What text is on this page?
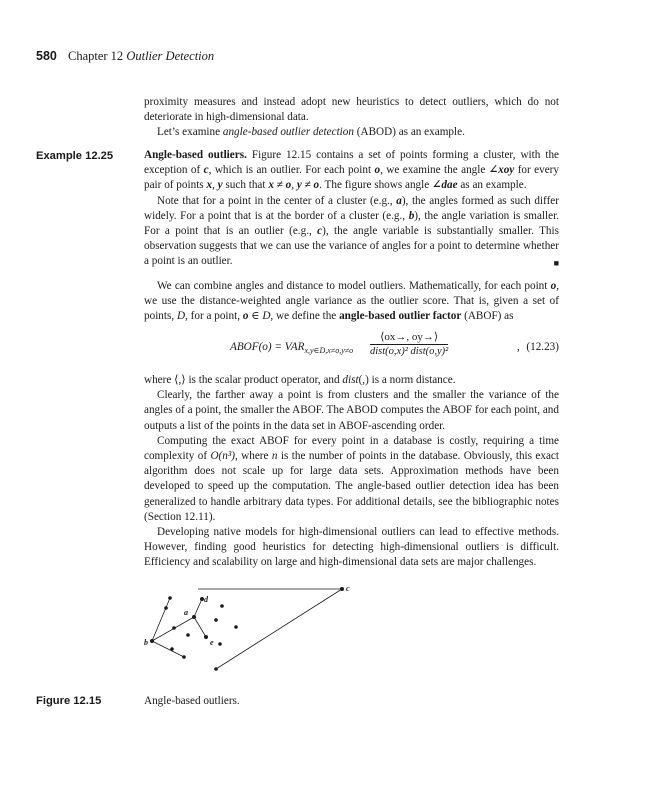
580 Chapter 12 Outlier Detection

proximity measures and instead adopt new heuristics to detect outliers, which do not deteriorate in high-dimensional data.

Let’s examine angle-based outlier detection (ABOD) as an example.

Example 12.25	Angle-based outliers. Figure 12.15 contains a set of points forming a cluster, with the exception of c, which is an outlier. For each point o, we examine the angle ∠xoy for every pair of points x, y such that x ≠ o, y ≠ o. The figure shows angle ∠dae as an example.

Note that for a point in the center of a cluster (e.g., a), the angles formed as such differ widely. For a point that is at the border of a cluster (e.g., b), the angle variation is smaller. For a point that is an outlier (e.g., c), the angle variable is substantially smaller. This observation suggests that we can use the variance of angles for a point to determine whether a point is an outlier.	■

We can combine angles and distance to model outliers. Mathematically, for each point o, we use the distance-weighted angle variance as the outlier score. That is, given a set of points, D, for a point, o ∈ D, we define the angle-based outlier factor (ABOF) as

ABOF(o) = $VAR_{x,y\in D,x\ne o,y\ne o}$
⟨ox→, oy→⟩
dist(o,x)² dist(o,y)²	, (12.23)

where ⟨,⟩ is the scalar product operator, and dist(,) is a norm distance.

Clearly, the farther away a point is from clusters and the smaller the variance of the angles of a point, the smaller the ABOF. The ABOD computes the ABOF for each point, and outputs a list of the points in the data set in ABOF-ascending order.

Computing the exact ABOF for every point in a database is costly, requiring a time complexity of O(n³), where n is the number of points in the database. Obviously, this exact algorithm does not scale up for large data sets. Approximation methods have been developed to speed up the computation. The angle-based outlier detection idea has been generalized to handle arbitrary data types. For additional details, see the bibliographic notes (Section 12.11).

Developing native models for high-dimensional outliers can lead to effective methods. However, finding good heuristics for detecting high-dimensional outliers is difficult. Efficiency and scalability on large and high-dimensional data sets are major challenges.

a
b
c
d
e
Figure 12.15	Angle-based outliers.
